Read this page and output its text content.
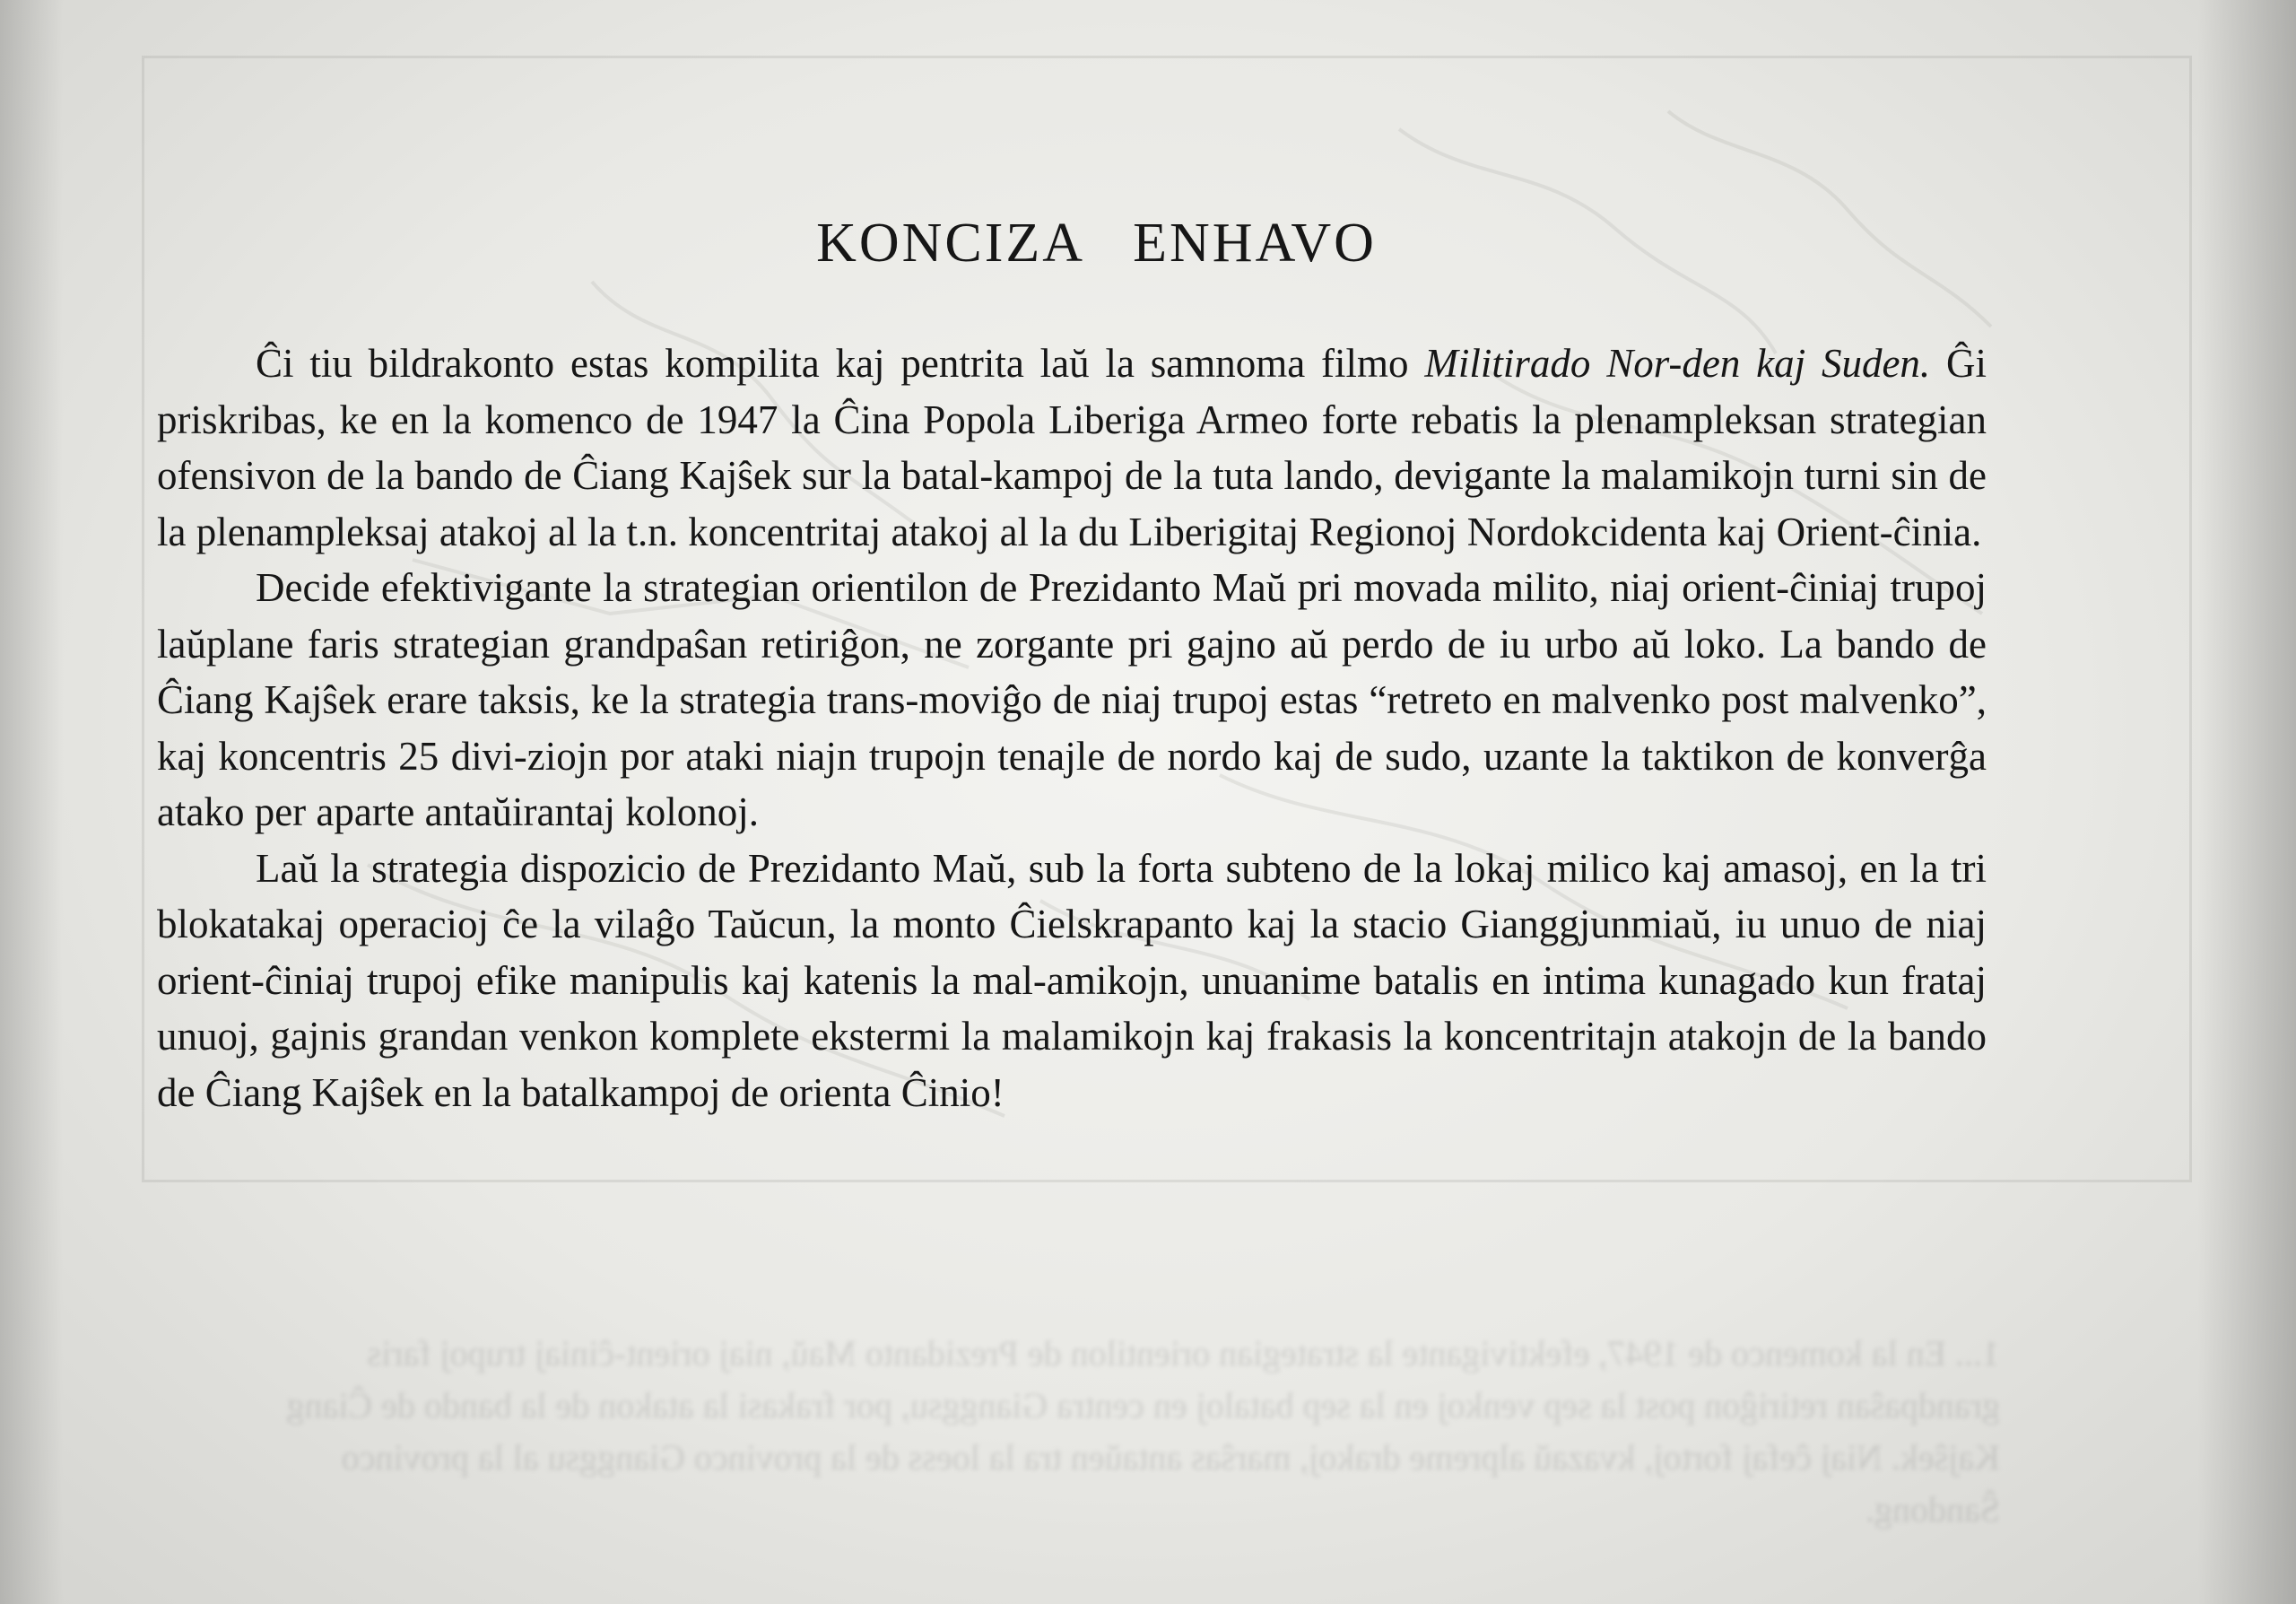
1... En la komenco de 1947, efektivigante la strategian orientilon de Prezidanto Maŭ, niaj orient-ĉiniaj trupoj faris grandpaŝan retiriĝon post la sep venkoj en la sep bataloj en centra Gianggsu, por frakasi la atakon de la bando de Ĉiang Kajŝek. Niaj ĉefaj fortoj, kvazaŭ alpreme drakoj, marŝas antaŭen tra la loess de la provinco Gianggsu al la provinco Ŝandong.
KONCIZA ENHAVO

Ĉi tiu bildrakonto estas kompilita kaj pentrita laŭ la samnoma filmo Militirado Nor-den kaj Suden. Ĝi priskribas, ke en la komenco de 1947 la Ĉina Popola Liberiga Armeo forte rebatis la plenampleksan strategian ofensivon de la bando de Ĉiang Kajŝek sur la batal-kampoj de la tuta lando, devigante la malamikojn turni sin de la plenampleksaj atakoj al la t.n. koncentritaj atakoj al la du Liberigitaj Regionoj Nordokcidenta kaj Orient-ĉinia.

Decide efektivigante la strategian orientilon de Prezidanto Maŭ pri movada milito, niaj orient-ĉiniaj trupoj laŭplane faris strategian grandpaŝan retiriĝon, ne zorgante pri gajno aŭ perdo de iu urbo aŭ loko. La bando de Ĉiang Kajŝek erare taksis, ke la strategia trans-moviĝo de niaj trupoj estas “retreto en malvenko post malvenko”, kaj koncentris 25 divi-ziojn por ataki niajn trupojn tenajle de nordo kaj de sudo, uzante la taktikon de konverĝa atako per aparte antaŭirantaj kolonoj.

Laŭ la strategia dispozicio de Prezidanto Maŭ, sub la forta subteno de la lokaj milico kaj amasoj, en la tri blokatakaj operacioj ĉe la vilaĝo Taŭcun, la monto Ĉielskrapanto kaj la stacio Gianggjunmiaŭ, iu unuo de niaj orient-ĉiniaj trupoj efike manipulis kaj katenis la mal-amikojn, unuanime batalis en intima kunagado kun frataj unuoj, gajnis grandan venkon komplete ekstermi la malamikojn kaj frakasis la koncentritajn atakojn de la bando de Ĉiang Kajŝek en la batalkampoj de orienta Ĉinio!
